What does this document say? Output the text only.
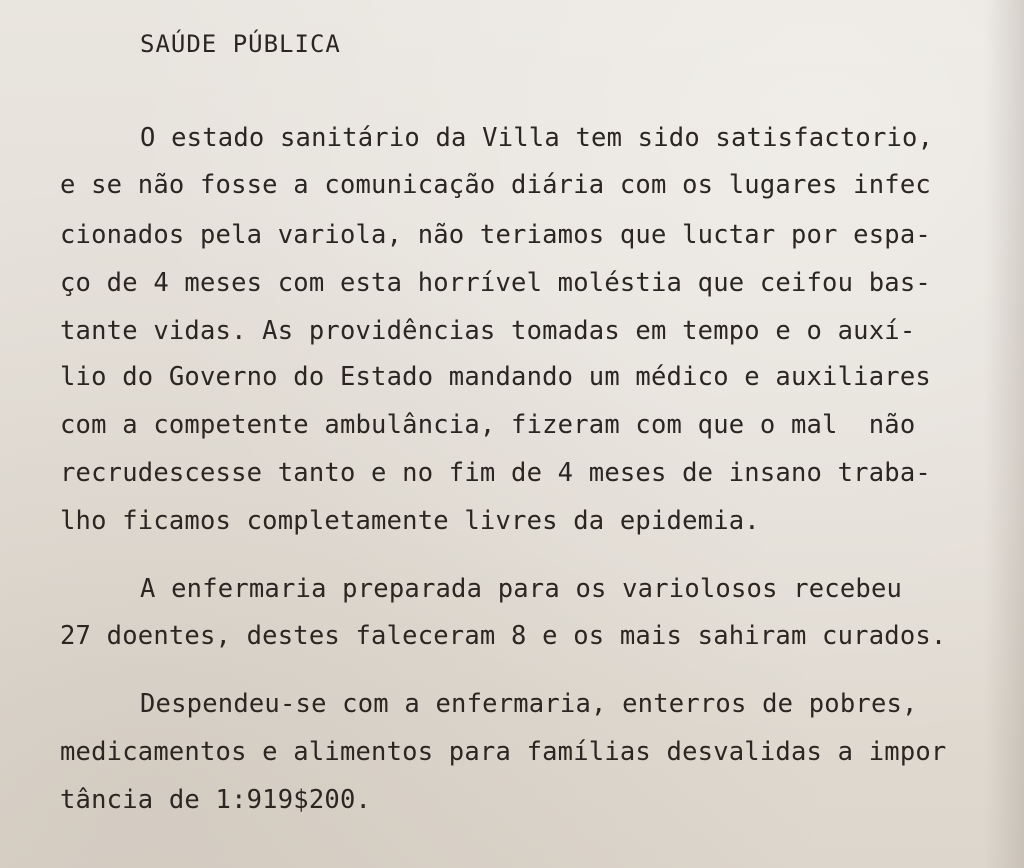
SAÚDE PÚBLICA

O estado sanitário da Villa tem sido satisfactorio,

e se não fosse a comunicação diária com os lugares infec

cionados pela variola, não teriamos que luctar por espa-

ço de 4 meses com esta horrível moléstia que ceifou bas-

tante vidas. As providências tomadas em tempo e o auxí-

lio do Governo do Estado mandando um médico e auxiliares

com a competente ambulância, fizeram com que o mal  não

recrudescesse tanto e no fim de 4 meses de insano traba-

lho ficamos completamente livres da epidemia.

A enfermaria preparada para os variolosos recebeu

27 doentes, destes faleceram 8 e os mais sahiram curados.

Despendeu-se com a enfermaria, enterros de pobres,

medicamentos e alimentos para famílias desvalidas a impor

tância de 1:919$200.
